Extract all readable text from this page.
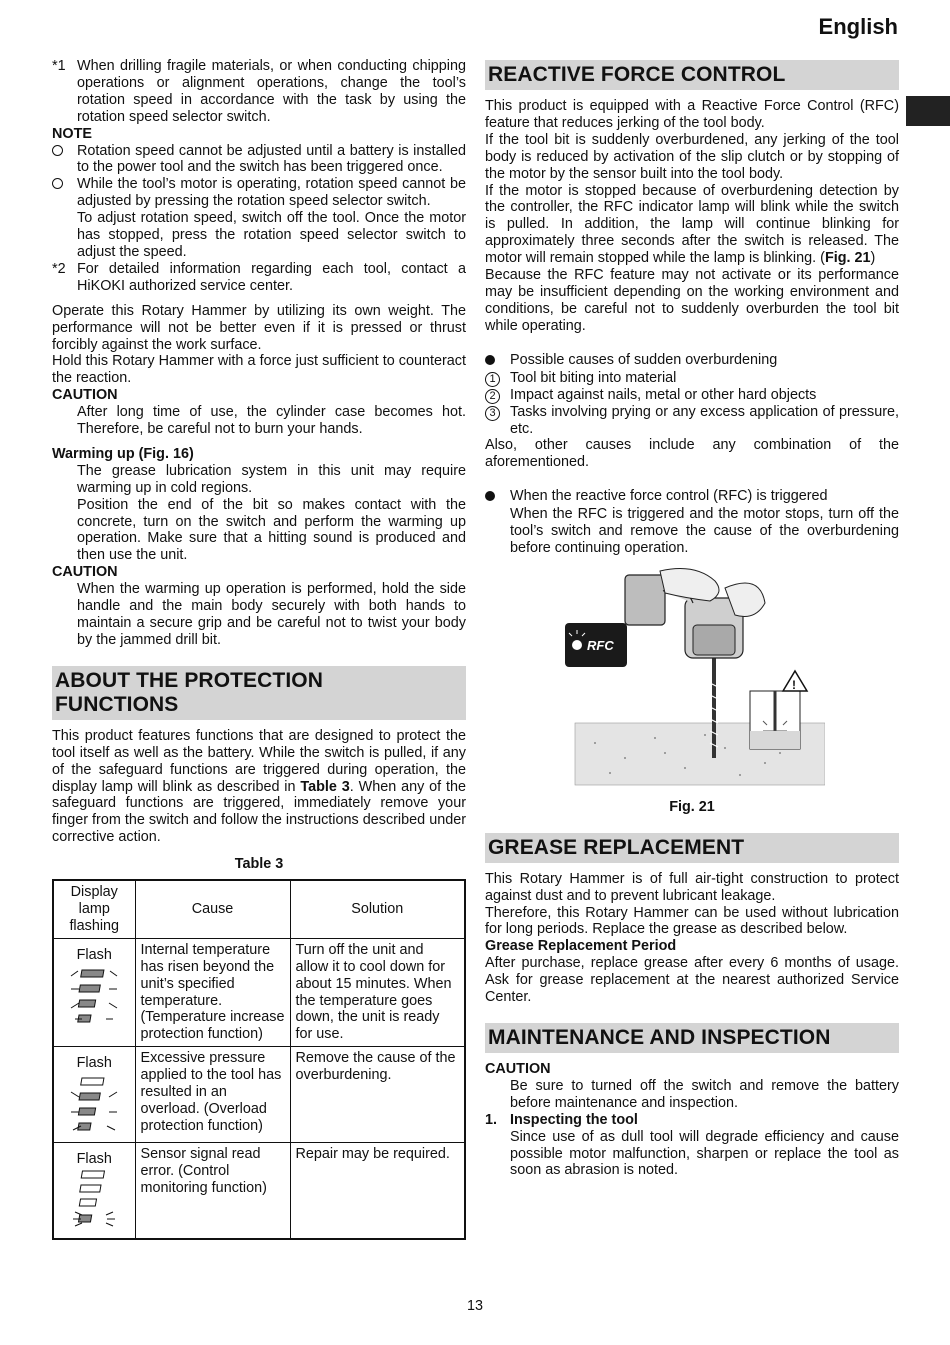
English
*1 When drilling fragile materials, or when conducting chipping operations or alignment operations, change the tool’s rotation speed in accordance with the task by using the rotation speed selector switch.
NOTE
Rotation speed cannot be adjusted until a battery is installed to the power tool and the switch has been triggered once.
While the tool’s motor is operating, rotation speed cannot be adjusted by pressing the rotation speed selector switch.
To adjust rotation speed, switch off the tool. Once the motor has stopped, press the rotation speed selector switch to adjust the speed.
*2 For detailed information regarding each tool, contact a HiKOKI authorized service center.
Operate this Rotary Hammer by utilizing its own weight. The performance will not be better even if it is pressed or thrust forcibly against the work surface.
Hold this Rotary Hammer with a force just sufficient to counteract the reaction.
CAUTION
After long time of use, the cylinder case becomes hot. Therefore, be careful not to burn your hands.
Warming up (Fig. 16)
The grease lubrication system in this unit may require warming up in cold regions.
Position the end of the bit so makes contact with the concrete, turn on the switch and perform the warming up operation. Make sure that a hitting sound is produced and then use the unit.
CAUTION
When the warming up operation is performed, hold the side handle and the main body securely with both hands to maintain a secure grip and be careful not to twist your body by the jammed drill bit.
ABOUT THE PROTECTION FUNCTIONS
This product features functions that are designed to protect the tool itself as well as the battery. While the switch is pulled, if any of the safeguard functions are triggered during operation, the display lamp will blink as described in Table 3. When any of the safeguard functions are triggered, immediately remove your finger from the switch and follow the instructions described under corrective action.
Table 3
Display lamp flashing	Cause	Solution

Flash	Internal temperature has risen beyond the unit’s specified temperature. (Temperature increase protection function)	Turn off the unit and allow it to cool down for about 15 minutes. When the temperature goes down, the unit is ready for use.

Flash	Excessive pressure applied to the tool has resulted in an overload. (Overload protection function)	Remove the cause of the overburdening.

Flash	Sensor signal read error. (Control monitoring function)	Repair may be required.
REACTIVE FORCE CONTROL
This product is equipped with a Reactive Force Control (RFC) feature that reduces jerking of the tool body.
If the tool bit is suddenly overburdened, any jerking of the tool body is reduced by activation of the slip clutch or by stopping of the motor by the sensor built into the tool body.
If the motor is stopped because of overburdening detection by the controller, the RFC indicator lamp will blink while the switch is pulled. In addition, the lamp will continue blinking for approximately three seconds after the switch is released. The motor will remain stopped while the lamp is blinking. (Fig. 21)
Because the RFC feature may not activate or its performance may be insufficient depending on the working environment and conditions, be careful not to suddenly overburden the tool bit while operating.
Possible causes of sudden overburdening
1	Tool bit biting into material
2	Impact against nails, metal or other hard objects
3	Tasks involving prying or any excess application of pressure, etc.
Also, other causes include any combination of the aforementioned.
When the reactive force control (RFC) is triggered
When the RFC is triggered and the motor stops, turn off the tool’s switch and remove the cause of the overburdening before continuing operation.
RFC
!
Fig. 21
GREASE REPLACEMENT
This Rotary Hammer is of full air-tight construction to protect against dust and to prevent lubricant leakage.
Therefore, this Rotary Hammer can be used without lubrication for long periods. Replace the grease as described below.
Grease Replacement Period
After purchase, replace grease after every 6 months of usage. Ask for grease replacement at the nearest authorized Service Center.
MAINTENANCE AND INSPECTION
CAUTION
Be sure to turned off the switch and remove the battery before maintenance and inspection.
1. Inspecting the tool
Since use of as dull tool will degrade efficiency and cause possible motor malfunction, sharpen or replace the tool as soon as abrasion is noted.
13
